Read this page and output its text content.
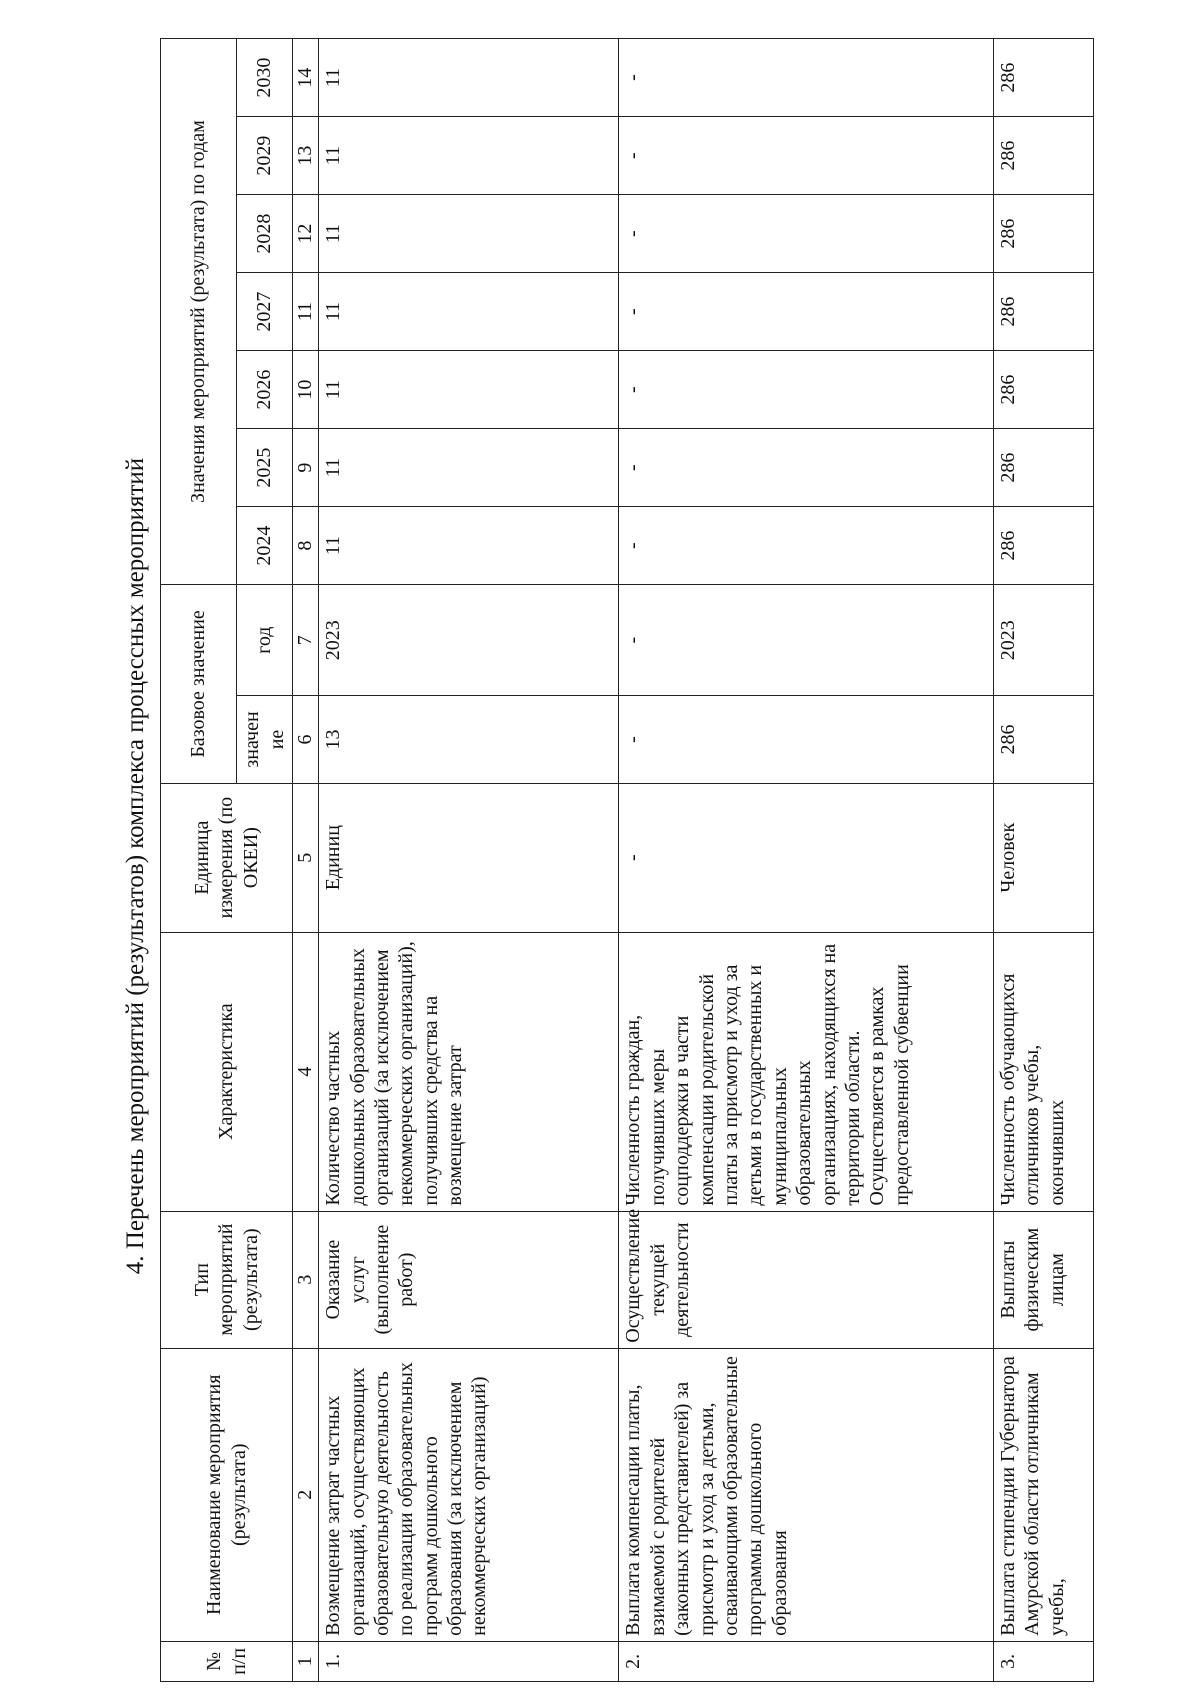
4. Перечень мероприятий (результатов) комплекса процессных мероприятий
№ п/п	Наименование мероприятия (результата)	Тип мероприятий (результата)	Характеристика	Единица измерения (по ОКЕИ)	Базовое значение		Значения мероприятий (результата) по годам						
					значен ие	год	2024	2025	2026	2027	2028	2029	2030
1	2	3	4	5	6	7	8	9	10	11	12	13	14
1.	Возмещение затрат частных организаций, осуществляющих образовательную деятельность по реализации образовательных программ дошкольного образования (за исключением некоммерческих организаций)	Оказание услуг (выполнение работ)	Количество частных дошкольных образовательных организаций (за исключением некоммерческих организаций), получивших средства на возмещение затрат	Единиц	13	2023	11	11	11	11	11	11	11
2.	Выплата компенсации платы, взимаемой с родителей (законных представителей) за присмотр и уход за детьми, осваивающими образовательные программы дошкольного образования	Осуществление текущей деятельности	Численность граждан, получивших меры соцподдержки в части компенсации родительской платы за присмотр и уход за детьми в государственных и муниципальных образовательных организациях, находящихся на территории области. Осуществляется в рамках предоставленной субвенции	-	-	-	-	-	-	-	-	-	-
3.	Выплата стипендии Губернатора Амурской области отличникам учебы,	Выплаты физическим лицам	Численность обучающихся отличников учебы, окончивших	Человек	286	2023	286	286	286	286	286	286	286
